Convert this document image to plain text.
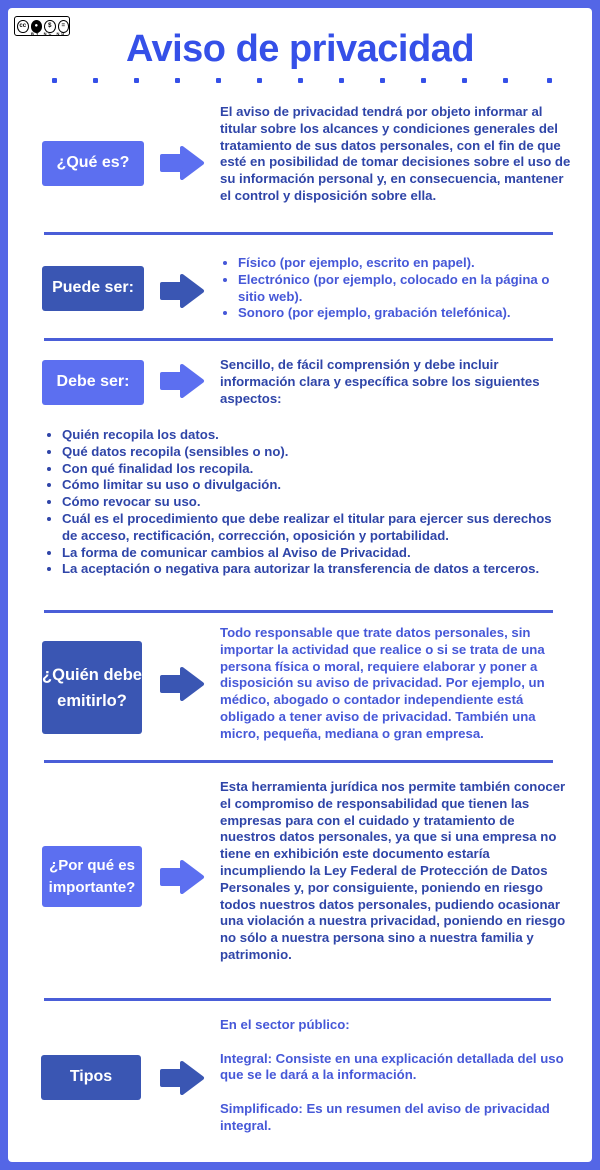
cc	●	$	=
BY NC ND	Aviso de privacidad
¿Qué es?
El aviso de privacidad tendrá por objeto informar al titular sobre los alcances y condiciones generales del tratamiento de sus datos personales, con el fin de que esté en posibilidad de tomar decisiones sobre el uso de su información personal y, en consecuencia, mantener el control y disposición sobre ella.
Puede ser:
• Físico (por ejemplo, escrito en papel).
• Electrónico (por ejemplo, colocado en la página o sitio web).
• Sonoro (por ejemplo, grabación telefónica).
Debe ser:
Sencillo, de fácil comprensión y debe incluir información clara y específica sobre los siguientes aspectos:
• Quién recopila los datos.
• Qué datos recopila (sensibles o no).
• Con qué finalidad los recopila.
• Cómo limitar su uso o divulgación.
• Cómo revocar su uso.
• Cuál es el procedimiento que debe realizar el titular para ejercer sus derechos de acceso, rectificación, corrección, oposición y portabilidad.
• La forma de comunicar cambios al Aviso de Privacidad.
• La aceptación o negativa para autorizar la transferencia de datos a terceros.
¿Quién debe emitirlo?
Todo responsable que trate datos personales, sin importar la actividad que realice o si se trata de una persona física o moral, requiere elaborar y poner a disposición su aviso de privacidad. Por ejemplo, un médico, abogado o contador independiente está obligado a tener aviso de privacidad. También una micro, pequeña, mediana o gran empresa.
¿Por qué es importante?
Esta herramienta jurídica nos permite también conocer el compromiso de responsabilidad que tienen las empresas para con el cuidado y tratamiento de nuestros datos personales, ya que si una empresa no tiene en exhibición este documento estaría incumpliendo la Ley Federal de Protección de Datos Personales y, por consiguiente, poniendo en riesgo todos nuestros datos personales, pudiendo ocasionar una violación a nuestra privacidad, poniendo en riesgo no sólo a nuestra persona sino a nuestra familia y patrimonio.
Tipos

En el sector público:

Integral: Consiste en una explicación detallada del uso que se le dará a la información.

Simplificado: Es un resumen del aviso de privacidad integral.
